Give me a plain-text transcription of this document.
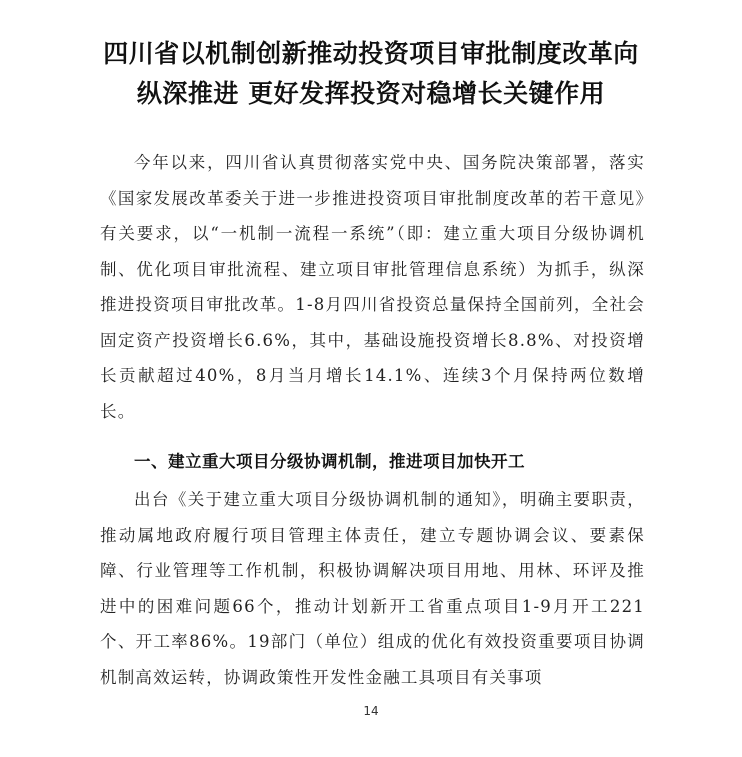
四川省以机制创新推动投资项目审批制度改革向
纵深推进 更好发挥投资对稳增长关键作用
今年以来，四川省认真贯彻落实党中央、国务院决策部署，落实《国家发展改革委关于进一步推进投资项目审批制度改革的若干意见》有关要求，以“一机制一流程一系统”（即：建立重大项目分级协调机制、优化项目审批流程、建立项目审批管理信息系统）为抓手，纵深推进投资项目审批改革。1-8月四川省投资总量保持全国前列，全社会固定资产投资增长6.6%，其中，基础设施投资增长8.8%、对投资增长贡献超过40%，8月当月增长14.1%、连续3个月保持两位数增长。
一、建立重大项目分级协调机制，推进项目加快开工
出台《关于建立重大项目分级协调机制的通知》，明确主要职责，推动属地政府履行项目管理主体责任，建立专题协调会议、要素保障、行业管理等工作机制，积极协调解决项目用地、用林、环评及推进中的困难问题66个，推动计划新开工省重点项目1-9月开工221个、开工率86%。19部门（单位）组成的优化有效投资重要项目协调机制高效运转，协调政策性开发性金融工具项目有关事项
14
